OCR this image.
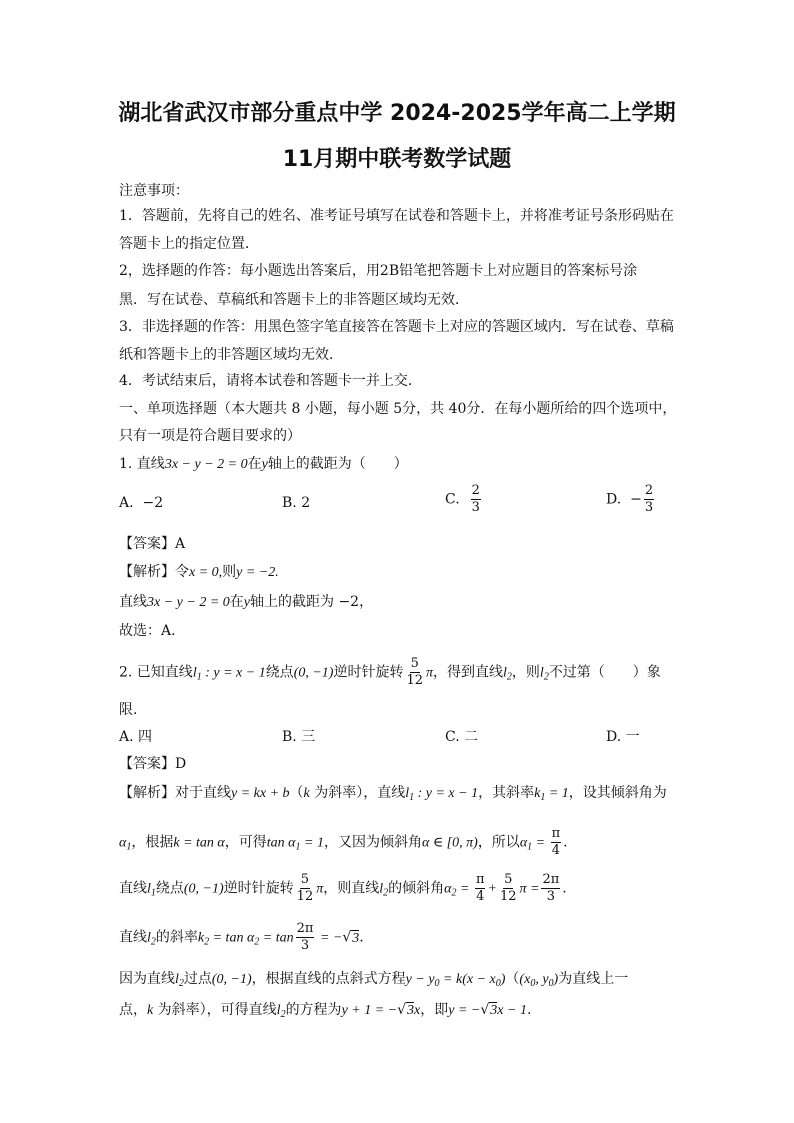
湖北省武汉市部分重点中学 2024-2025学年高二上学期
11月期中联考数学试题
注意事项：
1．答题前，先将自己的姓名、准考证号填写在试卷和答题卡上，并将准考证号条形码贴在
答题卡上的指定位置．
2，选择题的作答：每小题选出答案后，用2B铅笔把答题卡上对应题目的答案标号涂
黑．写在试卷、草稿纸和答题卡上的非答题区域均无效．
3．非选择题的作答：用黑色签字笔直接答在答题卡上对应的答题区域内．写在试卷、草稿
纸和答题卡上的非答题区域均无效．
4．考试结束后，请将本试卷和答题卡一并上交．
一、单项选择题（本大题共 8 小题，每小题 5分，共 40分．在每小题所给的四个选项中，
只有一项是符合题目要求的）
1. 直线3x − y − 2 = 0在y轴上的截距为（　　）
A. −2	B. 2	C. $\frac{2}{3}$	D. − $\frac{2}{3}$
【答案】A
【解析】令x = 0,则y = −2.
直线3x − y − 2 = 0在y轴上的截距为 −2，
故选：A.
2. 已知直线$l_1$ : y = x − 1绕点(0, −1)逆时针旋转 $\frac{5}{12}$ π，得到直线$l_2$，则$l_2$不过第（　　）象
限.
A. 四	B. 三	C. 二	D. 一
【答案】D
【解析】对于直线y = kx + b（k 为斜率），直线$l_1$ : y = x − 1，其斜率$k_1 = 1$，设其倾斜角为
$\alpha_1$，根据k = tan α，可得$\tan \alpha_1 = 1$，又因为倾斜角α ∈ [0, π)，所以$\alpha_1 = \frac{\pi}{4}$ .
直线$l_1$绕点(0, −1)逆时针旋转 $\frac{5}{12}$ π，则直线$l_2$的倾斜角$\alpha_2 = \frac{\pi}{4} + \frac{5}{12}$ $\pi = \frac{2\pi}{3}$ .
直线$l_2$的斜率$k_2 = \tan \alpha_2 = \tan \frac{2\pi}{3} = -√3$.
因为直线$l_2$过点(0, −1)，根据直线的点斜式方程$y - y_0 = k(x - x_0)((x_0$, $y_0$)为直线上一
点，k 为斜率），可得直线$l_2$的方程为y + 1 = −√3x，即y = −√3x − 1.
